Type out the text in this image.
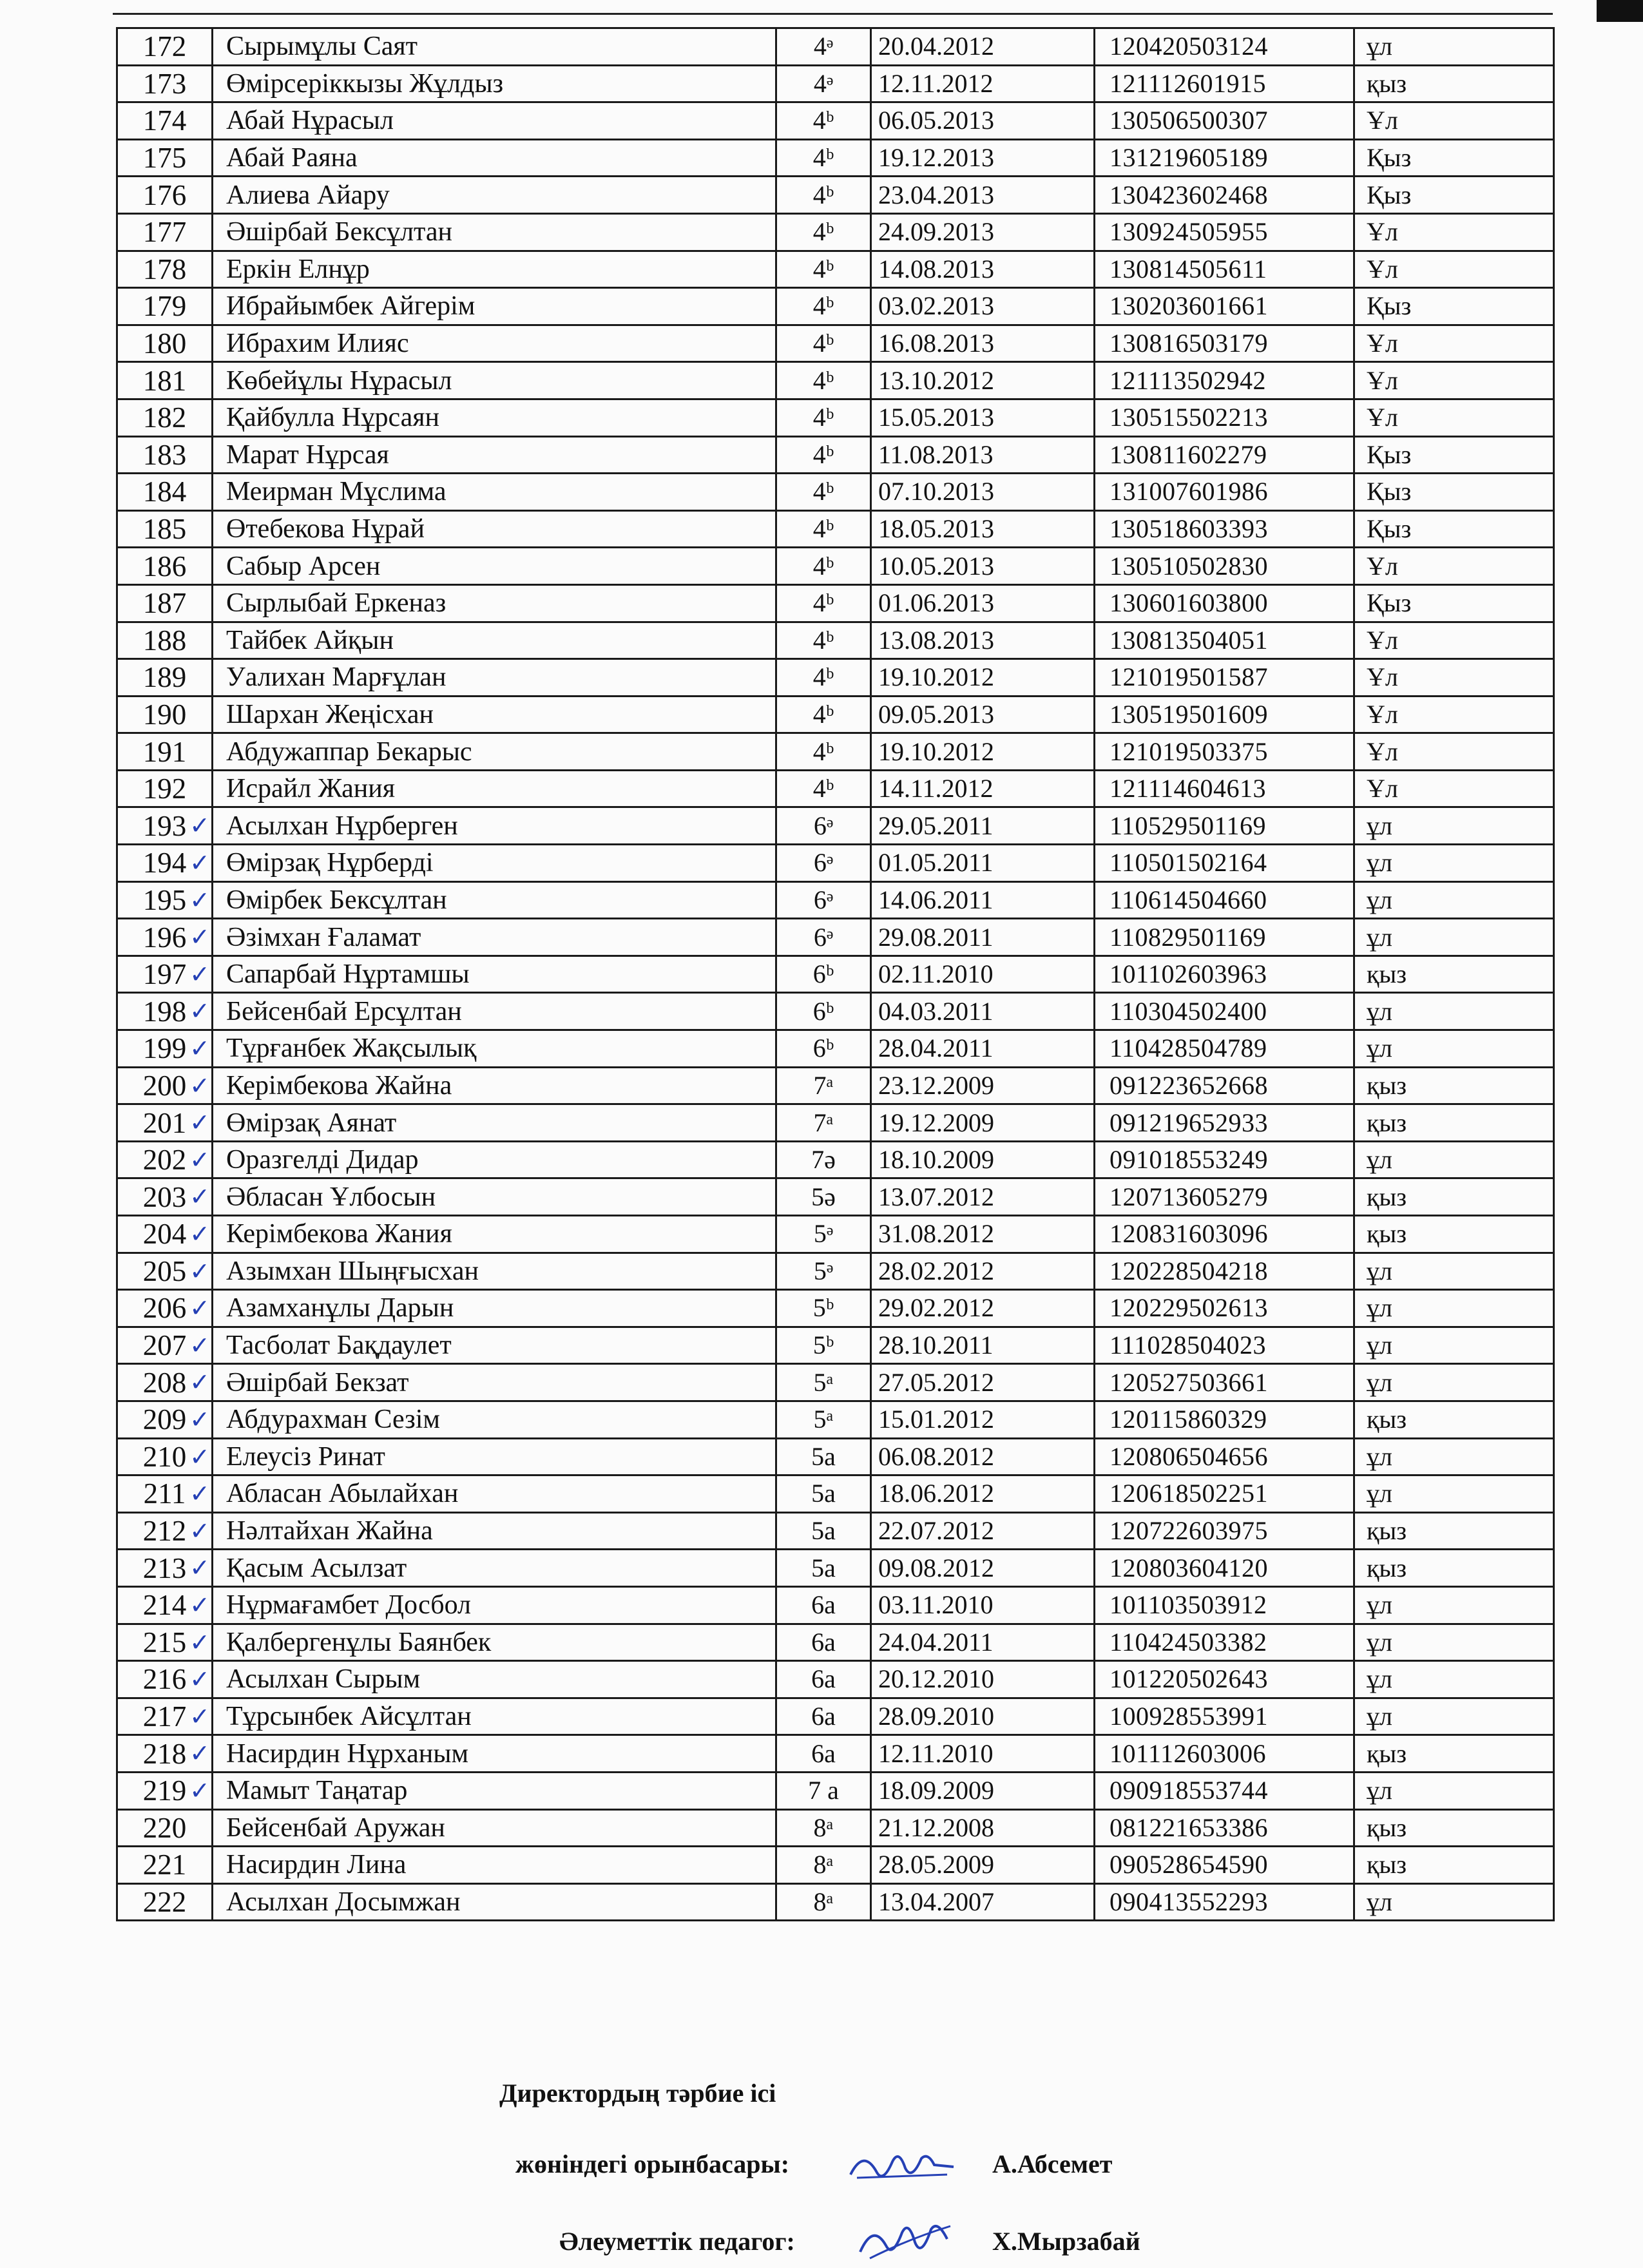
172	Сырымұлы Саят	4ᵊ	20.04.2012	120420503124	ұл
173	Өмірсеріккызы Жұлдыз	4ᵊ	12.11.2012	121112601915	қыз
174	Абай Нұрасыл	4ᵇ	06.05.2013	130506500307	Ұл
175	Абай Раяна	4ᵇ	19.12.2013	131219605189	Қыз
176	Алиева Айару	4ᵇ	23.04.2013	130423602468	Қыз
177	Әшірбай Бексұлтан	4ᵇ	24.09.2013	130924505955	Ұл
178	Еркін Елнұр	4ᵇ	14.08.2013	130814505611	Ұл
179	Ибрайымбек Айгерім	4ᵇ	03.02.2013	130203601661	Қыз
180	Ибрахим Илияс	4ᵇ	16.08.2013	130816503179	Ұл
181	Көбейұлы Нұрасыл	4ᵇ	13.10.2012	121113502942	Ұл
182	Қайбулла Нұрсаян	4ᵇ	15.05.2013	130515502213	Ұл
183	Марат Нұрсая	4ᵇ	11.08.2013	130811602279	Қыз
184	Меирман Мұслима	4ᵇ	07.10.2013	131007601986	Қыз
185	Өтебекова Нұрай	4ᵇ	18.05.2013	130518603393	Қыз
186	Сабыр Арсен	4ᵇ	10.05.2013	130510502830	Ұл
187	Сырлыбай Еркеназ	4ᵇ	01.06.2013	130601603800	Қыз
188	Тайбек Айқын	4ᵇ	13.08.2013	130813504051	Ұл
189	Уалихан Марғұлан	4ᵇ	19.10.2012	121019501587	Ұл
190	Шархан Жеңісхан	4ᵇ	09.05.2013	130519501609	Ұл
191	Абдужаппар Бекарыс	4ᵇ	19.10.2012	121019503375	Ұл
192	Исрайл Жания	4ᵇ	14.11.2012	121114604613	Ұл
193 ✓	Асылхан Нұрберген	6ᵊ	29.05.2011	110529501169	ұл
194 ✓	Өмірзақ Нұрберді	6ᵊ	01.05.2011	110501502164	ұл
195 ✓	Өмірбек Бексұлтан	6ᵊ	14.06.2011	110614504660	ұл
196 ✓	Әзімхан Ғаламат	6ᵊ	29.08.2011	110829501169	ұл
197 ✓	Сапарбай Нұртамшы	6ᵇ	02.11.2010	101102603963	қыз
198 ✓	Бейсенбай Ерсұлтан	6ᵇ	04.03.2011	110304502400	ұл
199 ✓	Тұрғанбек Жақсылық	6ᵇ	28.04.2011	110428504789	ұл
200 ✓	Керімбекова Жайна	7ᵃ	23.12.2009	091223652668	қыз
201 ✓	Өмірзақ Аянат	7ᵃ	19.12.2009	091219652933	қыз
202 ✓	Оразгелді Дидар	7ә	18.10.2009	091018553249	ұл
203 ✓	Әбласан Ұлбосын	5ә	13.07.2012	120713605279	қыз
204 ✓	Керімбекова Жания	5ᵊ	31.08.2012	120831603096	қыз
205 ✓	Азымхан Шыңғысхан	5ᵊ	28.02.2012	120228504218	ұл
206 ✓	Азамханұлы Дарын	5ᵇ	29.02.2012	120229502613	ұл
207 ✓	Тасболат Бақдаулет	5ᵇ	28.10.2011	111028504023	ұл
208 ✓	Әшірбай Бекзат	5ᵃ	27.05.2012	120527503661	ұл
209 ✓	Абдурахман Сезім	5ᵃ	15.01.2012	120115860329	қыз
210 ✓	Елеусіз Ринат	5а	06.08.2012	120806504656	ұл
211 ✓	Абласан Абылайхан	5а	18.06.2012	120618502251	ұл
212 ✓	Нәлтайхан Жайна	5а	22.07.2012	120722603975	қыз
213 ✓	Қасым Асылзат	5а	09.08.2012	120803604120	қыз
214 ✓	Нұрмағамбет Досбол	6а	03.11.2010	101103503912	ұл
215 ✓	Қалбергенұлы Баянбек	6а	24.04.2011	110424503382	ұл
216 ✓	Асылхан Сырым	6а	20.12.2010	101220502643	ұл
217 ✓	Тұрсынбек Айсұлтан	6а	28.09.2010	100928553991	ұл
218 ✓	Насирдин Нұрханым	6а	12.11.2010	101112603006	қыз
219 ✓	Мамыт Таңатар	7 а	18.09.2009	090918553744	ұл
220	Бейсенбай Аружан	8ᵃ	21.12.2008	081221653386	қыз
221	Насирдин Лина	8ᵃ	28.05.2009	090528654590	қыз
222	Асылхан Досымжан	8ᵃ	13.04.2007	090413552293	ұл
Директордың тәрбие ісі
жөніндегі орынбасары:	А.Абсемет
Әлеуметтік педагог:	Х.Мырзабай
